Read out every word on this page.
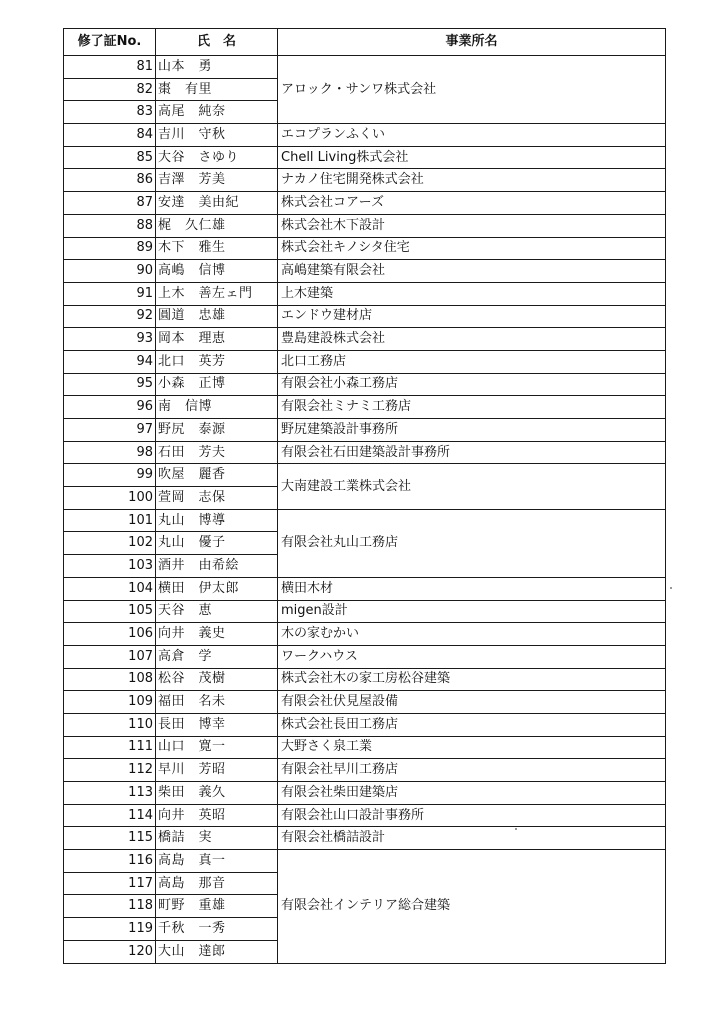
修了証No.	氏　名	事業所名
81	山本　勇	アロック・サンワ株式会社
82	棗　有里	
83	高尾　純奈	
84	吉川　守秋	エコプランふくい
85	大谷　さゆり	Chell Living株式会社
86	吉澤　芳美	ナカノ住宅開発株式会社
87	安達　美由紀	株式会社コアーズ
88	梶　久仁雄	株式会社木下設計
89	木下　雅生	株式会社キノシタ住宅
90	高嶋　信博	高嶋建築有限会社
91	上木　善左ェ門	上木建築
92	圓道　忠雄	エンドウ建材店
93	岡本　理恵	豊島建設株式会社
94	北口　英芳	北口工務店
95	小森　正博	有限会社小森工務店
96	南　信博	有限会社ミナミ工務店
97	野尻　泰源	野尻建築設計事務所
98	石田　芳夫	有限会社石田建築設計事務所
99	吹屋　麗香	大南建設工業株式会社
100	萱岡　志保	
101	丸山　博導	有限会社丸山工務店
102	丸山　優子	
103	酒井　由希絵	
104	横田　伊太郎	横田木材
105	天谷　恵	migen設計
106	向井　義史	木の家むかい
107	高倉　学	ワークハウス
108	松谷　茂樹	株式会社木の家工房松谷建築
109	福田　名未	有限会社伏見屋設備
110	長田　博幸	株式会社長田工務店
111	山口　寛一	大野さく泉工業
112	早川　芳昭	有限会社早川工務店
113	柴田　義久	有限会社柴田建築店
114	向井　英昭	有限会社山口設計事務所
115	橋詰　実	有限会社橋詰設計
116	高島　真一	有限会社インテリア総合建築
117	高島　那音	
118	町野　重雄	
119	千秋　一秀	
120	大山　達郎	
